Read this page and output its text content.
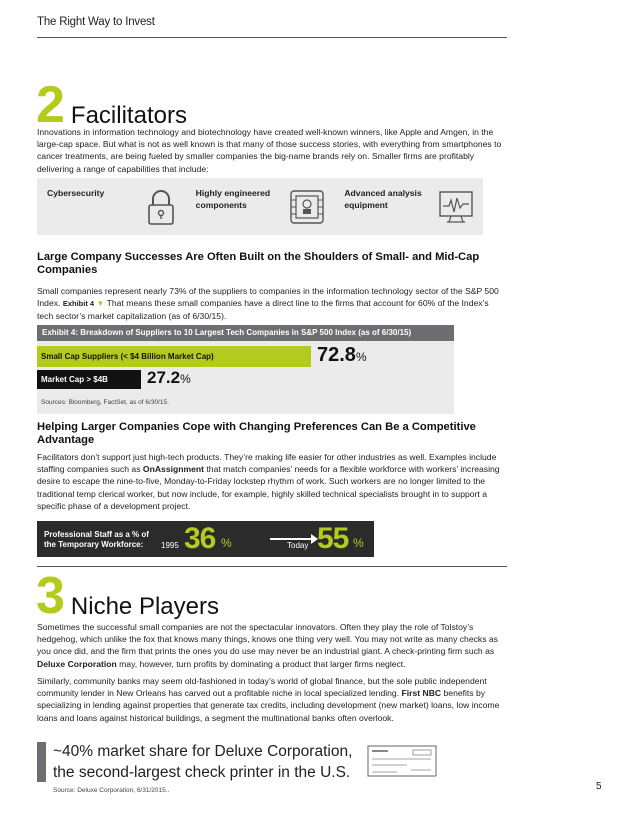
The Right Way to Invest
2 Facilitators

Innovations in information technology and biotechnology have created well-known winners, like Apple and Amgen, in the large-cap space. But what is not as well known is that many of those success stories, with everything from smartphones to cancer treatments, are being fueled by smaller companies the big-name brands rely on. Smaller firms are profitably delivering a range of capabilities that include:

Cybersecurity	Highly engineered components
Advanced analysis equipment
Large Company Successes Are Often Built on the Shoulders of Small- and Mid-Cap Companies

Small companies represent nearly 73% of the suppliers to companies in the information technology sector of the S&P 500 Index. Exhibit 4 ▼ That means these small companies have a direct line to the firms that account for 60% of the Index’s tech sector’s market capitalization (as of 6/30/15).

Exhibit 4: Breakdown of Suppliers to 10 Largest Tech Companies in S&P 500 Index (as of 6/30/15)
Small Cap Suppliers (< $4 Billion Market Cap)	72.8%
Market Cap > $4B	27.2%
Sources: Bloomberg, FactSet, as of 6/30/15.
Helping Larger Companies Cope with Changing Preferences Can Be a Competitive Advantage

Facilitators don’t support just high-tech products. They’re making life easier for other industries as well. Examples include staffing companies such as OnAssignment that match companies’ needs for a flexible workforce with workers’ increasing desire to escape the nine-to-five, Monday-to-Friday lockstep rhythm of work. Such workers are no longer limited to the traditional temp clerical worker, but now include, for example, highly skilled technical specialists brought in to support a specific phase of a development project.

Professional Staff as a % of the Temporary Workforce:	1995 36 %	Today 55 %
3 Niche Players

Sometimes the successful small companies are not the spectacular innovators. Often they play the role of Tolstoy’s hedgehog, which unlike the fox that knows many things, knows one thing very well. You may not write as many checks as you once did, and the firm that prints the ones you do use may never be an industrial giant. A check-printing firm such as Deluxe Corporation may, however, turn profits by dominating a product that larger firms neglect.

Similarly, community banks may seem old-fashioned in today’s world of global finance, but the sole public independent community lender in New Orleans has carved out a profitable niche in local specialized lending. First NBC benefits by specializing in lending against properties that generate tax credits, including development (new market) loans, low income loans and loans against historical buildings, a segment the multinational banks often overlook.

~40% market share for Deluxe Corporation,
the second-largest check printer in the U.S.
Source: Deluxe Corporation, 6/31/2015..	5
